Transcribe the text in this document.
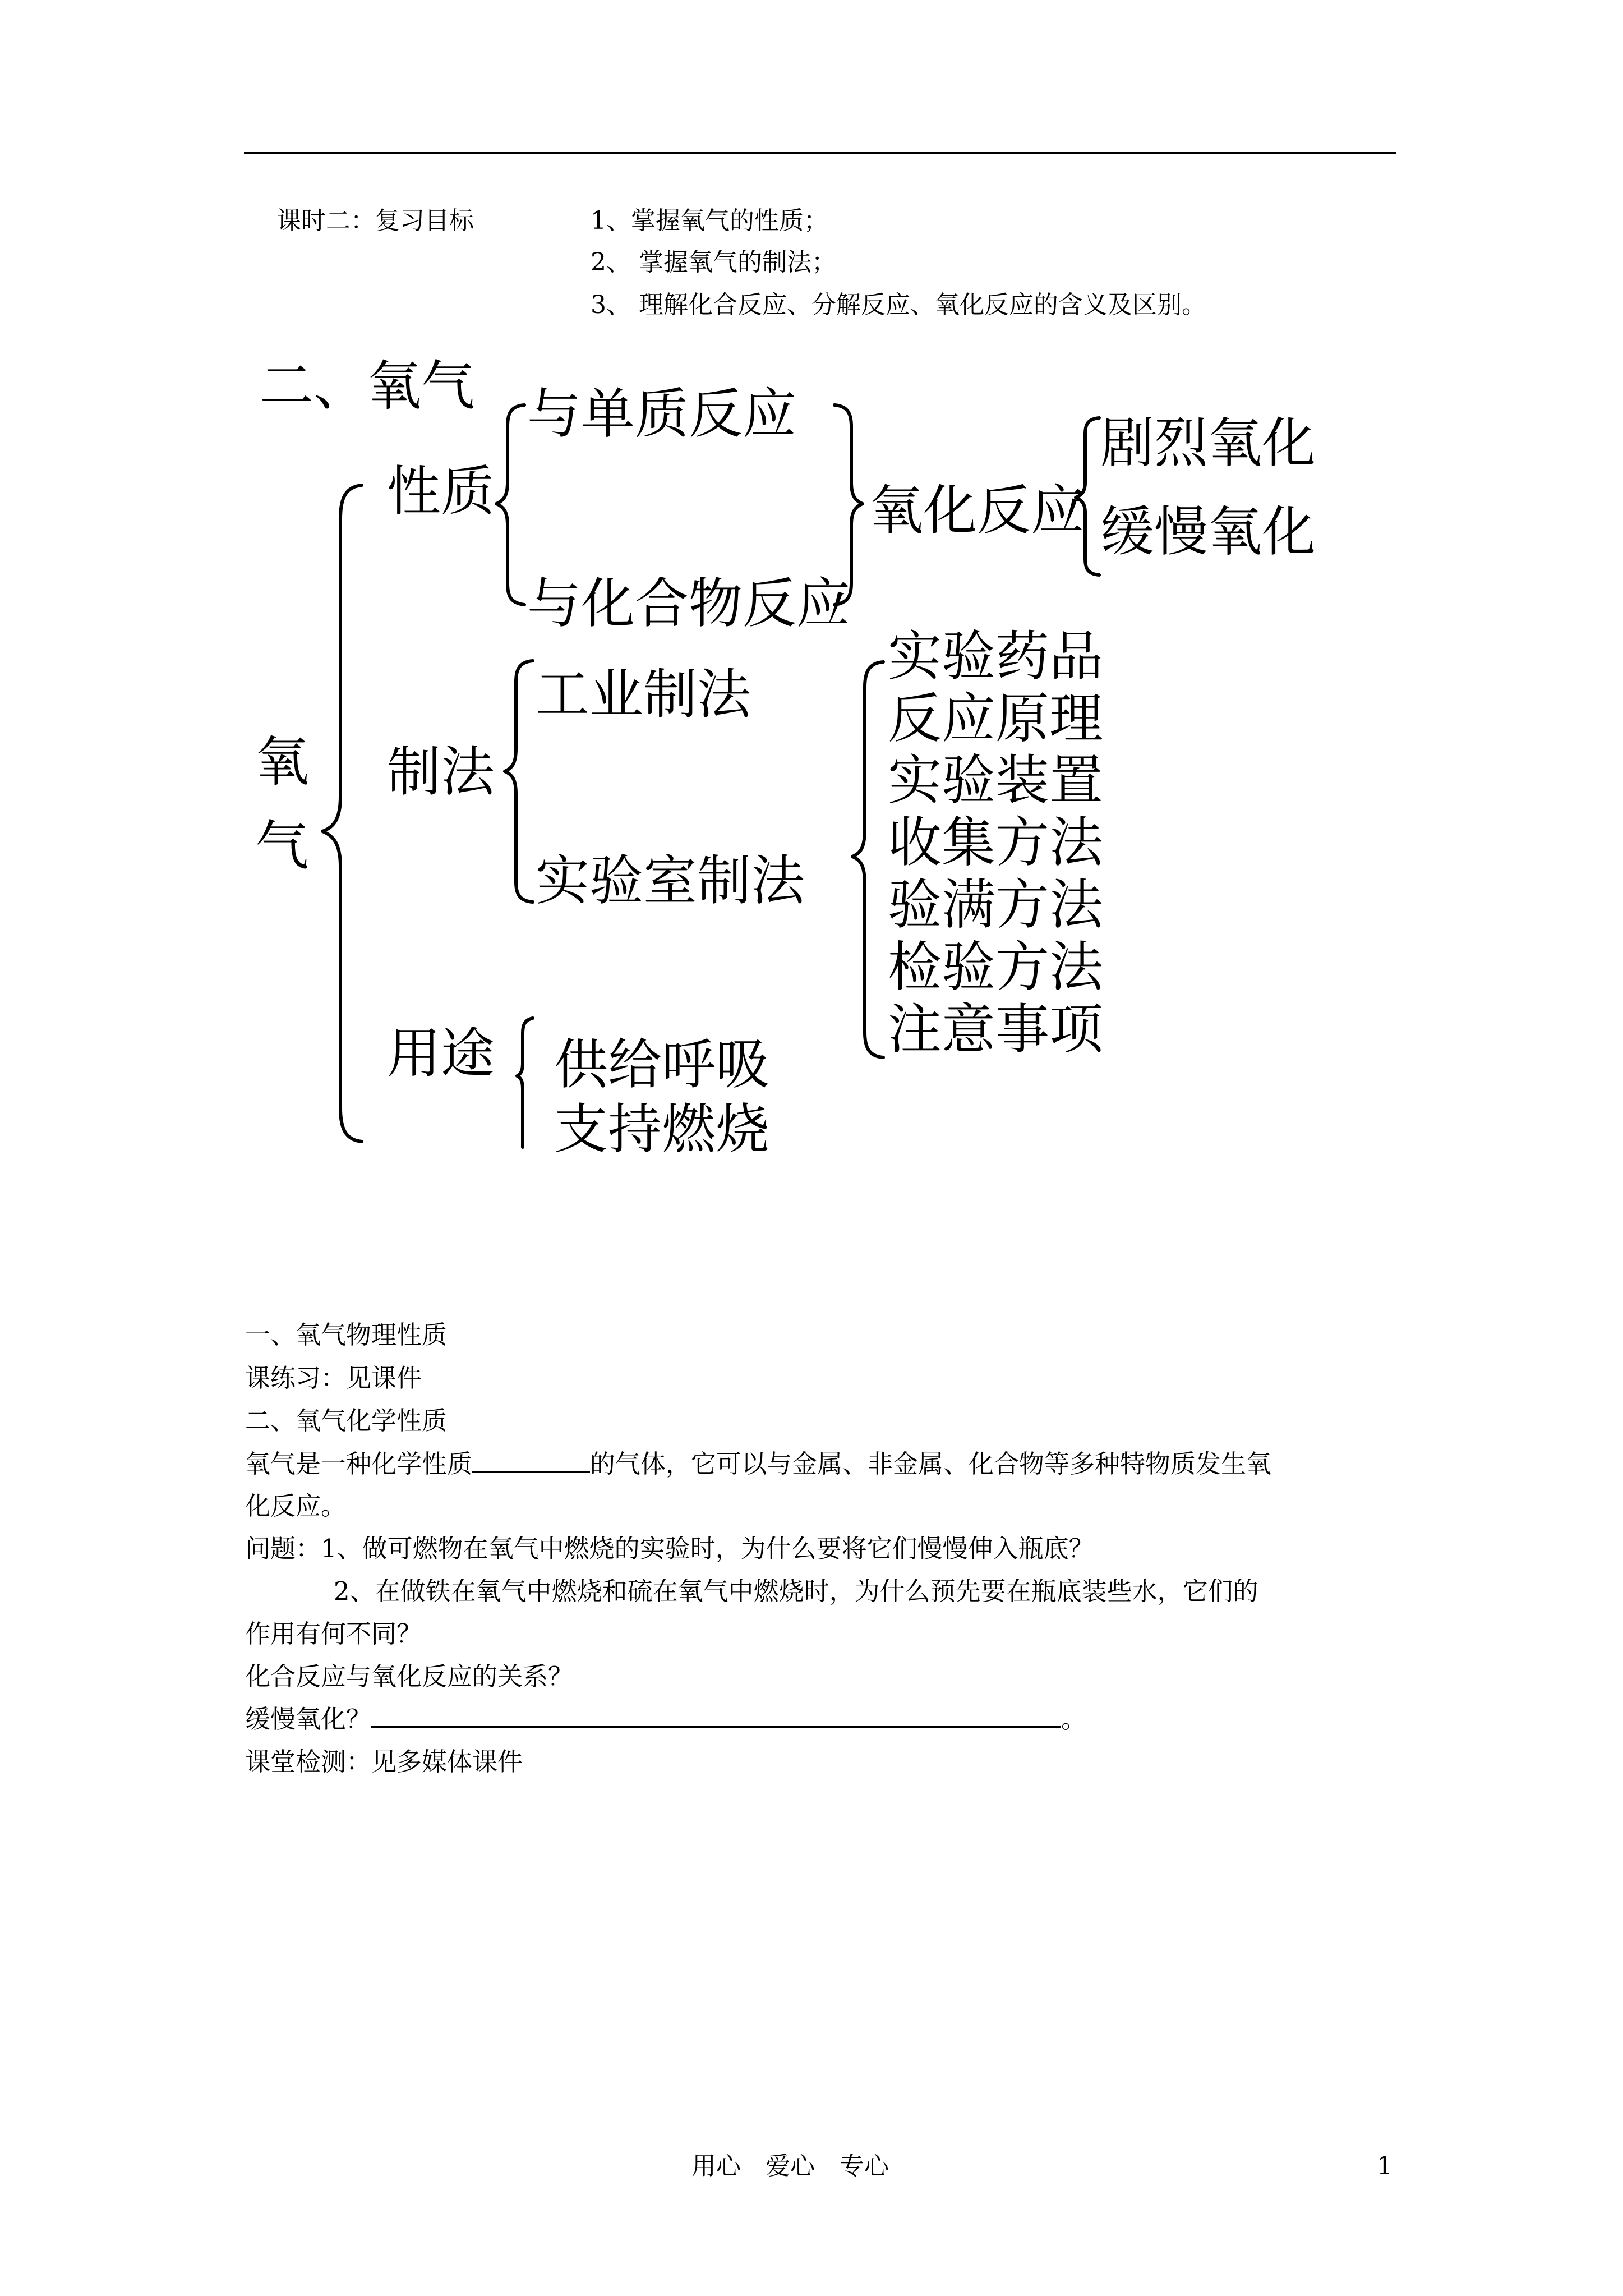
课时二：复习目标	1、掌握氧气的性质；
2、 掌握氧气的制法；
3、 理解化合反应、分解反应、氧化反应的含义及区别。
二、氧气
氧
气
性质
与单质反应
与化合物反应
氧化反应
剧烈氧化
缓慢氧化
制法
工业制法
实验室制法
实验药品
反应原理
实验装置
收集方法
验满方法
检验方法
注意事项
用途 供给呼吸
支持燃烧
一、氧气物理性质
课练习：见课件
二、氧气化学性质
氧气是一种化学性质	的气体，它可以与金属、非金属、化合物等多种特物质发生氧
化反应。
问题：1、做可燃物在氧气中燃烧的实验时，为什么要将它们慢慢伸入瓶底？
2、在做铁在氧气中燃烧和硫在氧气中燃烧时，为什么预先要在瓶底装些水，它们的
作用有何不同？
化合反应与氧化反应的关系？
缓慢氧化？	。
课堂检测：见多媒体课件
用心　爱心　专心	1
